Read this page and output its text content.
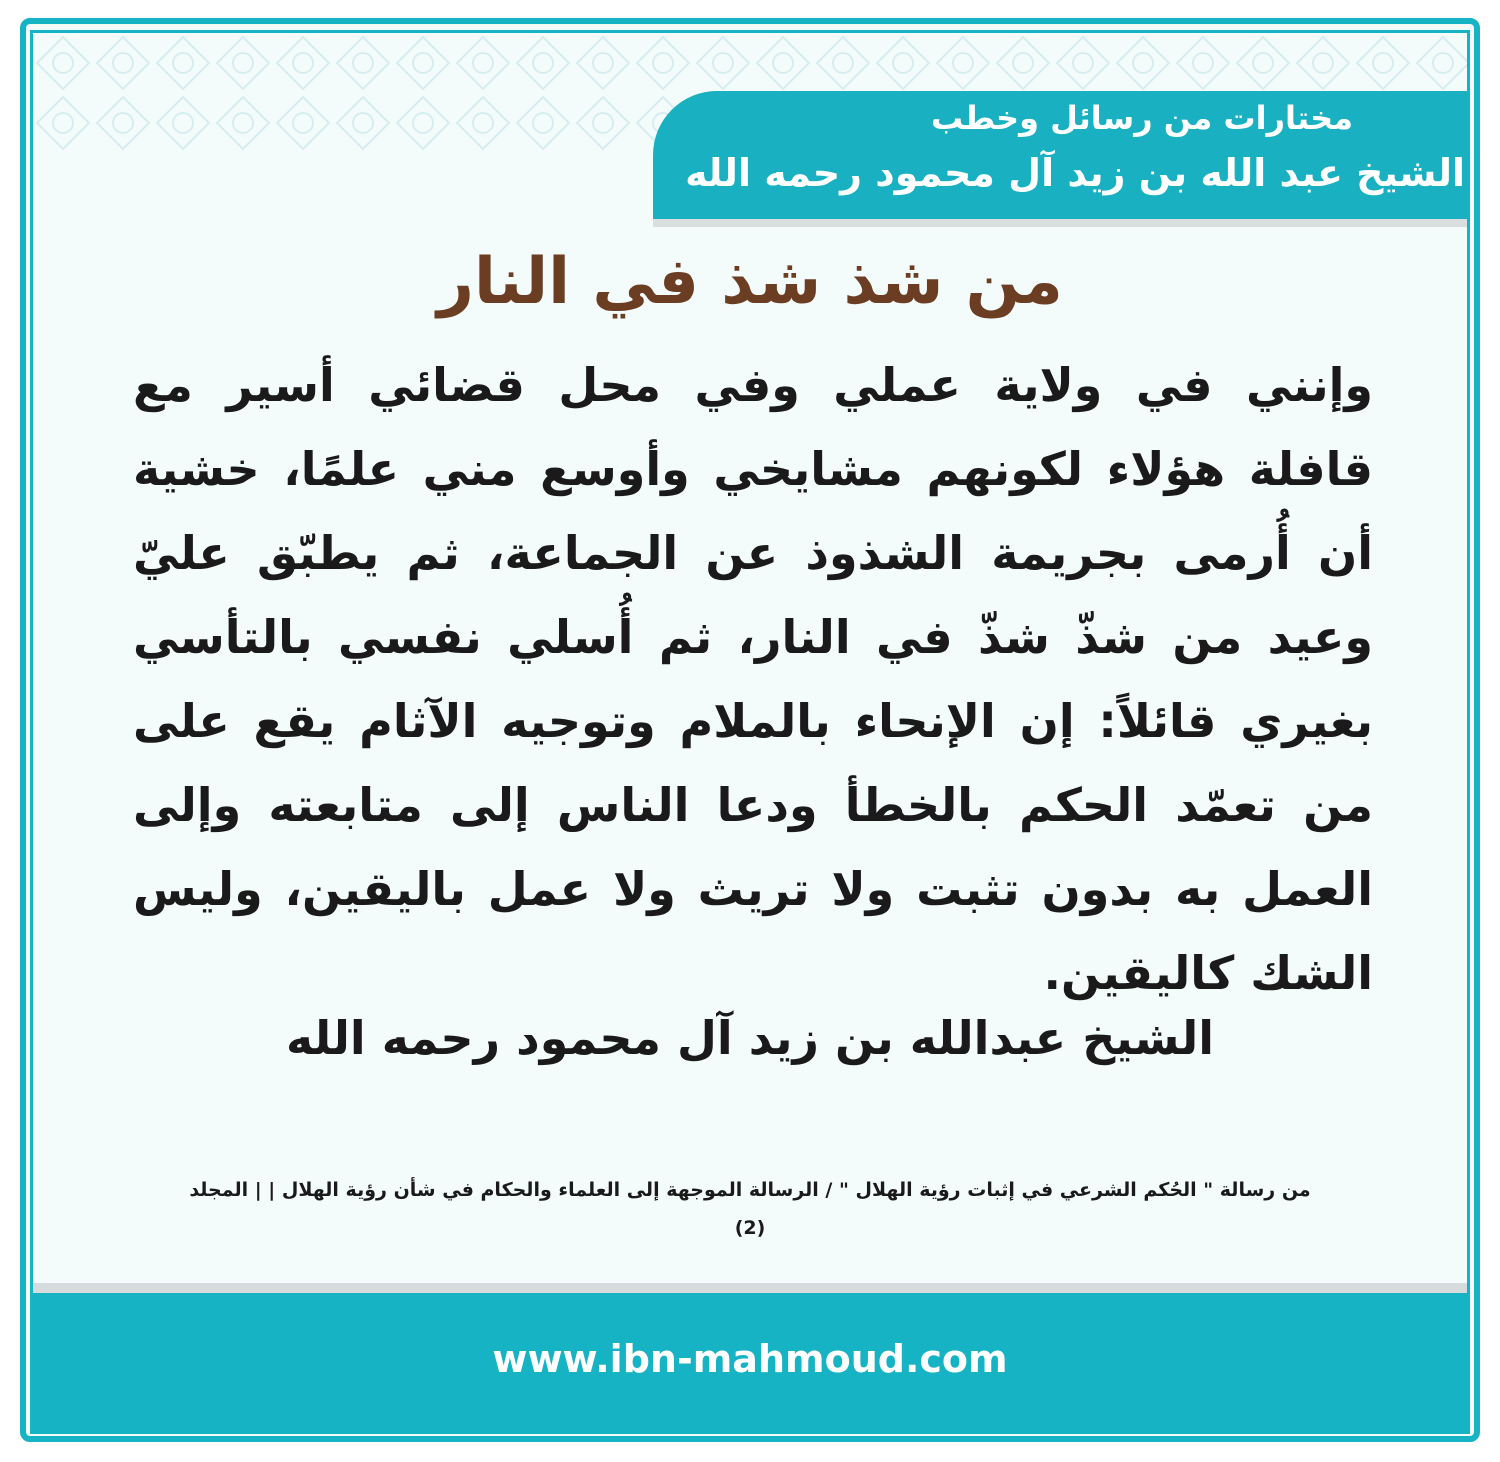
مختارات من رسائل وخطب
الشيخ عبد الله بن زيد آل محمود رحمه الله
من شذ شذ في النار
وإنني في ولاية عملي وفي محل قضائي أسير مع قافلة هؤلاء لكونهم مشايخي وأوسع مني علمًا، خشية أن أُرمى بجريمة الشذوذ عن الجماعة، ثم يطبّق عليّ وعيد من شذّ شذّ في النار، ثم أُسلي نفسي بالتأسي بغيري قائلاً: إن الإنحاء بالملام وتوجيه الآثام يقع على من تعمّد الحكم بالخطأ ودعا الناس إلى متابعته وإلى العمل به بدون تثبت ولا تريث ولا عمل باليقين، وليس الشك كاليقين.
الشيخ عبدالله بن زيد آل محمود رحمه الله
من رسالة " الحُكم الشرعي في إثبات رؤية الهلال " / الرسالة الموجهة إلى العلماء والحكام في شأن رؤية الهلال | | المجلد
(2)
www.ibn-mahmoud.com
